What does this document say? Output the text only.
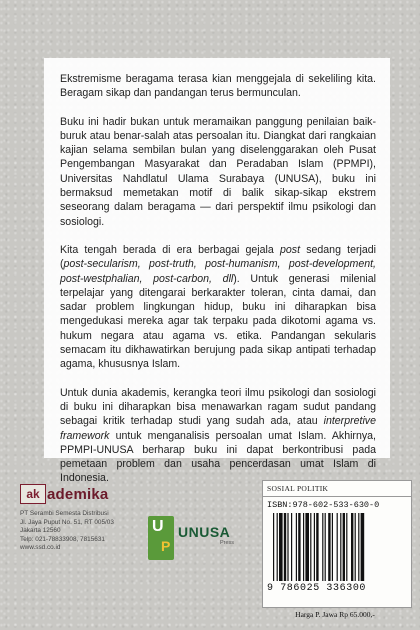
Ekstremisme beragama terasa kian menggejala di sekeliling kita. Beragam sikap dan pandangan terus bermunculan.

Buku ini hadir bukan untuk meramaikan panggung penilaian baik-buruk atau benar-salah atas persoalan itu. Diangkat dari rangkaian kajian selama sembilan bulan yang diselenggarakan oleh Pusat Pengembangan Masyarakat dan Peradaban Islam (PPMPI), Universitas Nahdlatul Ulama Surabaya (UNUSA), buku ini bermaksud memetakan motif di balik sikap-sikap ekstrem seseorang dalam beragama — dari perspektif ilmu psikologi dan sosiologi.

Kita tengah berada di era berbagai gejala post sedang terjadi (post-secularism, post-truth, post-humanism, post-development, post-westphalian, post-carbon, dll). Untuk generasi milenial terpelajar yang ditengarai berkarakter toleran, cinta damai, dan sadar problem lingkungan hidup, buku ini diharapkan bisa mengedukasi mereka agar tak terpaku pada dikotomi agama vs. hukum negara atau agama vs. etika. Pandangan sekularis semacam itu dikhawatirkan berujung pada sikap antipati terhadap agama, khususnya Islam.

Untuk dunia akademis, kerangka teori ilmu psikologi dan sosiologi di buku ini diharapkan bisa menawarkan ragam sudut pandang sebagai kritik terhadap studi yang sudah ada, atau interpretive framework untuk menganalisis persoalan umat Islam. Akhirnya, PPMPI-UNUSA berharap buku ini dapat berkontribusi pada pemetaan problem dan usaha pencerdasan umat Islam di Indonesia.

ak ademika
PT Serambi Semesta Distribusi
Jl. Jaya Puput No. 51, RT 005/03
Jakarta 12560
Telp: 021-78833908, 7815631
www.ssd.co.id
U
P
UNUSA
Press
SOSIAL POLITIK
ISBN:978-602-533-630-0
9 786025 336300
Harga P. Jawa Rp 65.000,-
